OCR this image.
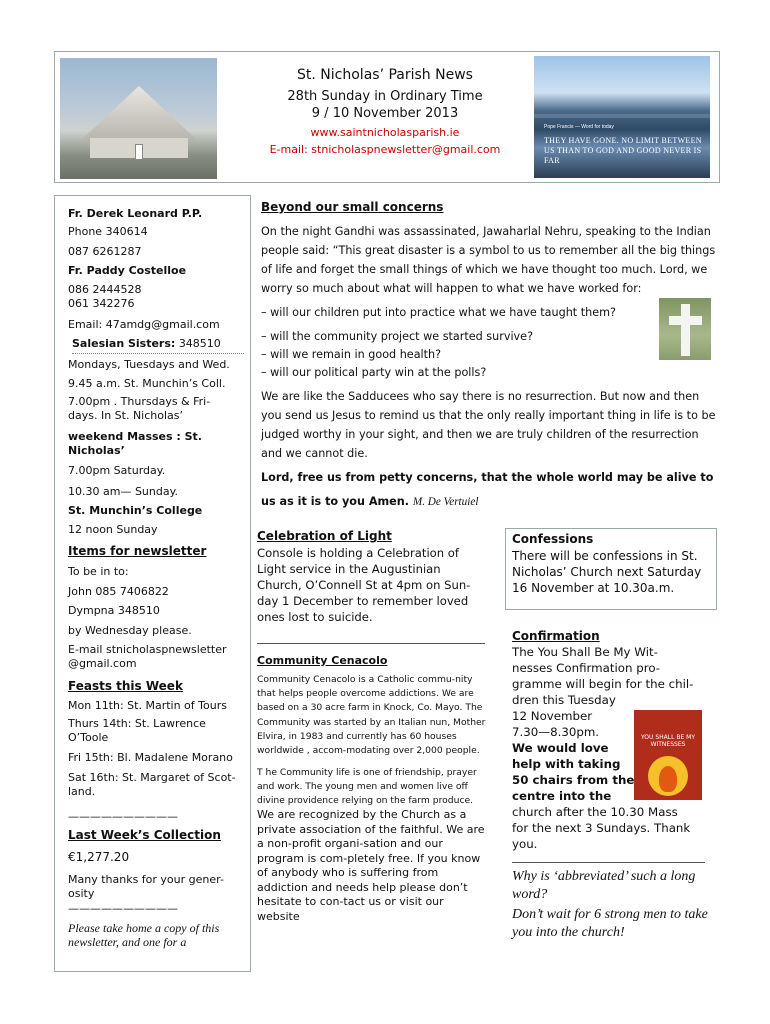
St. Nicholas’ Parish News
28th Sunday in Ordinary Time
9 / 10 November 2013
www.saintnicholasparish.ie
E-mail: stnicholaspnewsletter@gmail.com
Pope Francis — Word for today
THEY HAVE GONE. NO LIMIT BETWEEN US THAN TO GOD AND GOOD NEVER IS FAR
Fr. Derek Leonard P.P.
Phone 340614
087 6261287
Fr. Paddy Costelloe
086 2444528
061 342276
Email: 47amdg@gmail.com
Salesian Sisters: 348510
Mondays, Tuesdays and Wed.
9.45 a.m. St. Munchin’s Coll.
7.00pm . Thursdays & Fri-days. In St. Nicholas’
weekend Masses : St. Nicholas’
7.00pm Saturday.
10.30 am— Sunday.
St. Munchin’s College
12 noon Sunday
Items for newsletter
To be in to:
John 085 7406822
Dympna 348510
by Wednesday please.
E-mail stnicholaspnewsletter @gmail.com
Feasts this Week
Mon 11th: St. Martin of Tours
Thurs 14th: St. Lawrence O’Toole
Fri 15th: Bl. Madalene Morano
Sat 16th: St. Margaret of Scot-land.
——————————
Last Week’s Collection
€1,277.20
Many thanks for your gener-osity
——————————
Please take home a copy of this newsletter, and one for a
Beyond our small concerns
On the night Gandhi was assassinated, Jawaharlal Nehru, speaking to the Indian people said: “This great disaster is a symbol to us to remember all the big things of life and forget the small things of which we have thought too much. Lord, we worry so much about what will happen to what we have worked for:
– will our children put into practice what we have taught them?
– will the community project we started survive?
– will we remain in good health?
– will our political party win at the polls?
We are like the Sadducees who say there is no resurrection. But now and then you send us Jesus to remind us that the only really important thing in life is to be judged worthy in your sight, and then we are truly children of the resurrection and we cannot die.
Lord, free us from petty concerns, that the whole world may be alive to us as it is to you Amen. M. De Vertuiel
Celebration of Light
Console is holding a Celebration of Light service in the Augustinian Church, O’Connell St at 4pm on Sun-day 1 December to remember loved ones lost to suicide.
Community Cenacolo
Community Cenacolo is a Catholic commu-nity that helps people overcome addictions. We are based on a 30 acre farm in Knock, Co. Mayo. The Community was started by an Italian nun, Mother Elvira, in 1983 and currently has 60 houses worldwide , accom-modating over 2,000 people.
T he Community life is one of friendship, prayer and work. The young men and women live off divine providence relying on the farm produce.
We are recognized by the Church as a private association of the faithful. We are a non-profit organi-sation and our program is com-pletely free. If you know of anybody who is suffering from addiction and needs help please don’t hesitate to con-tact us or visit our website
Confessions
There will be confessions in St. Nicholas’ Church next Saturday 16 November at 10.30a.m.
Confirmation
The You Shall Be My Wit-
nesses Confirmation pro-
gramme will begin for the chil-
dren this Tuesday
12 November
7.30—8.30pm.
We would love
help with taking
50 chairs from the
centre into the
church after the 10.30 Mass
for the next 3 Sundays. Thank
you.
YOU SHALL BE MY WITNESSES
Why is ‘abbreviated’ such a long word?
Don’t wait for 6 strong men to take you into the church!
